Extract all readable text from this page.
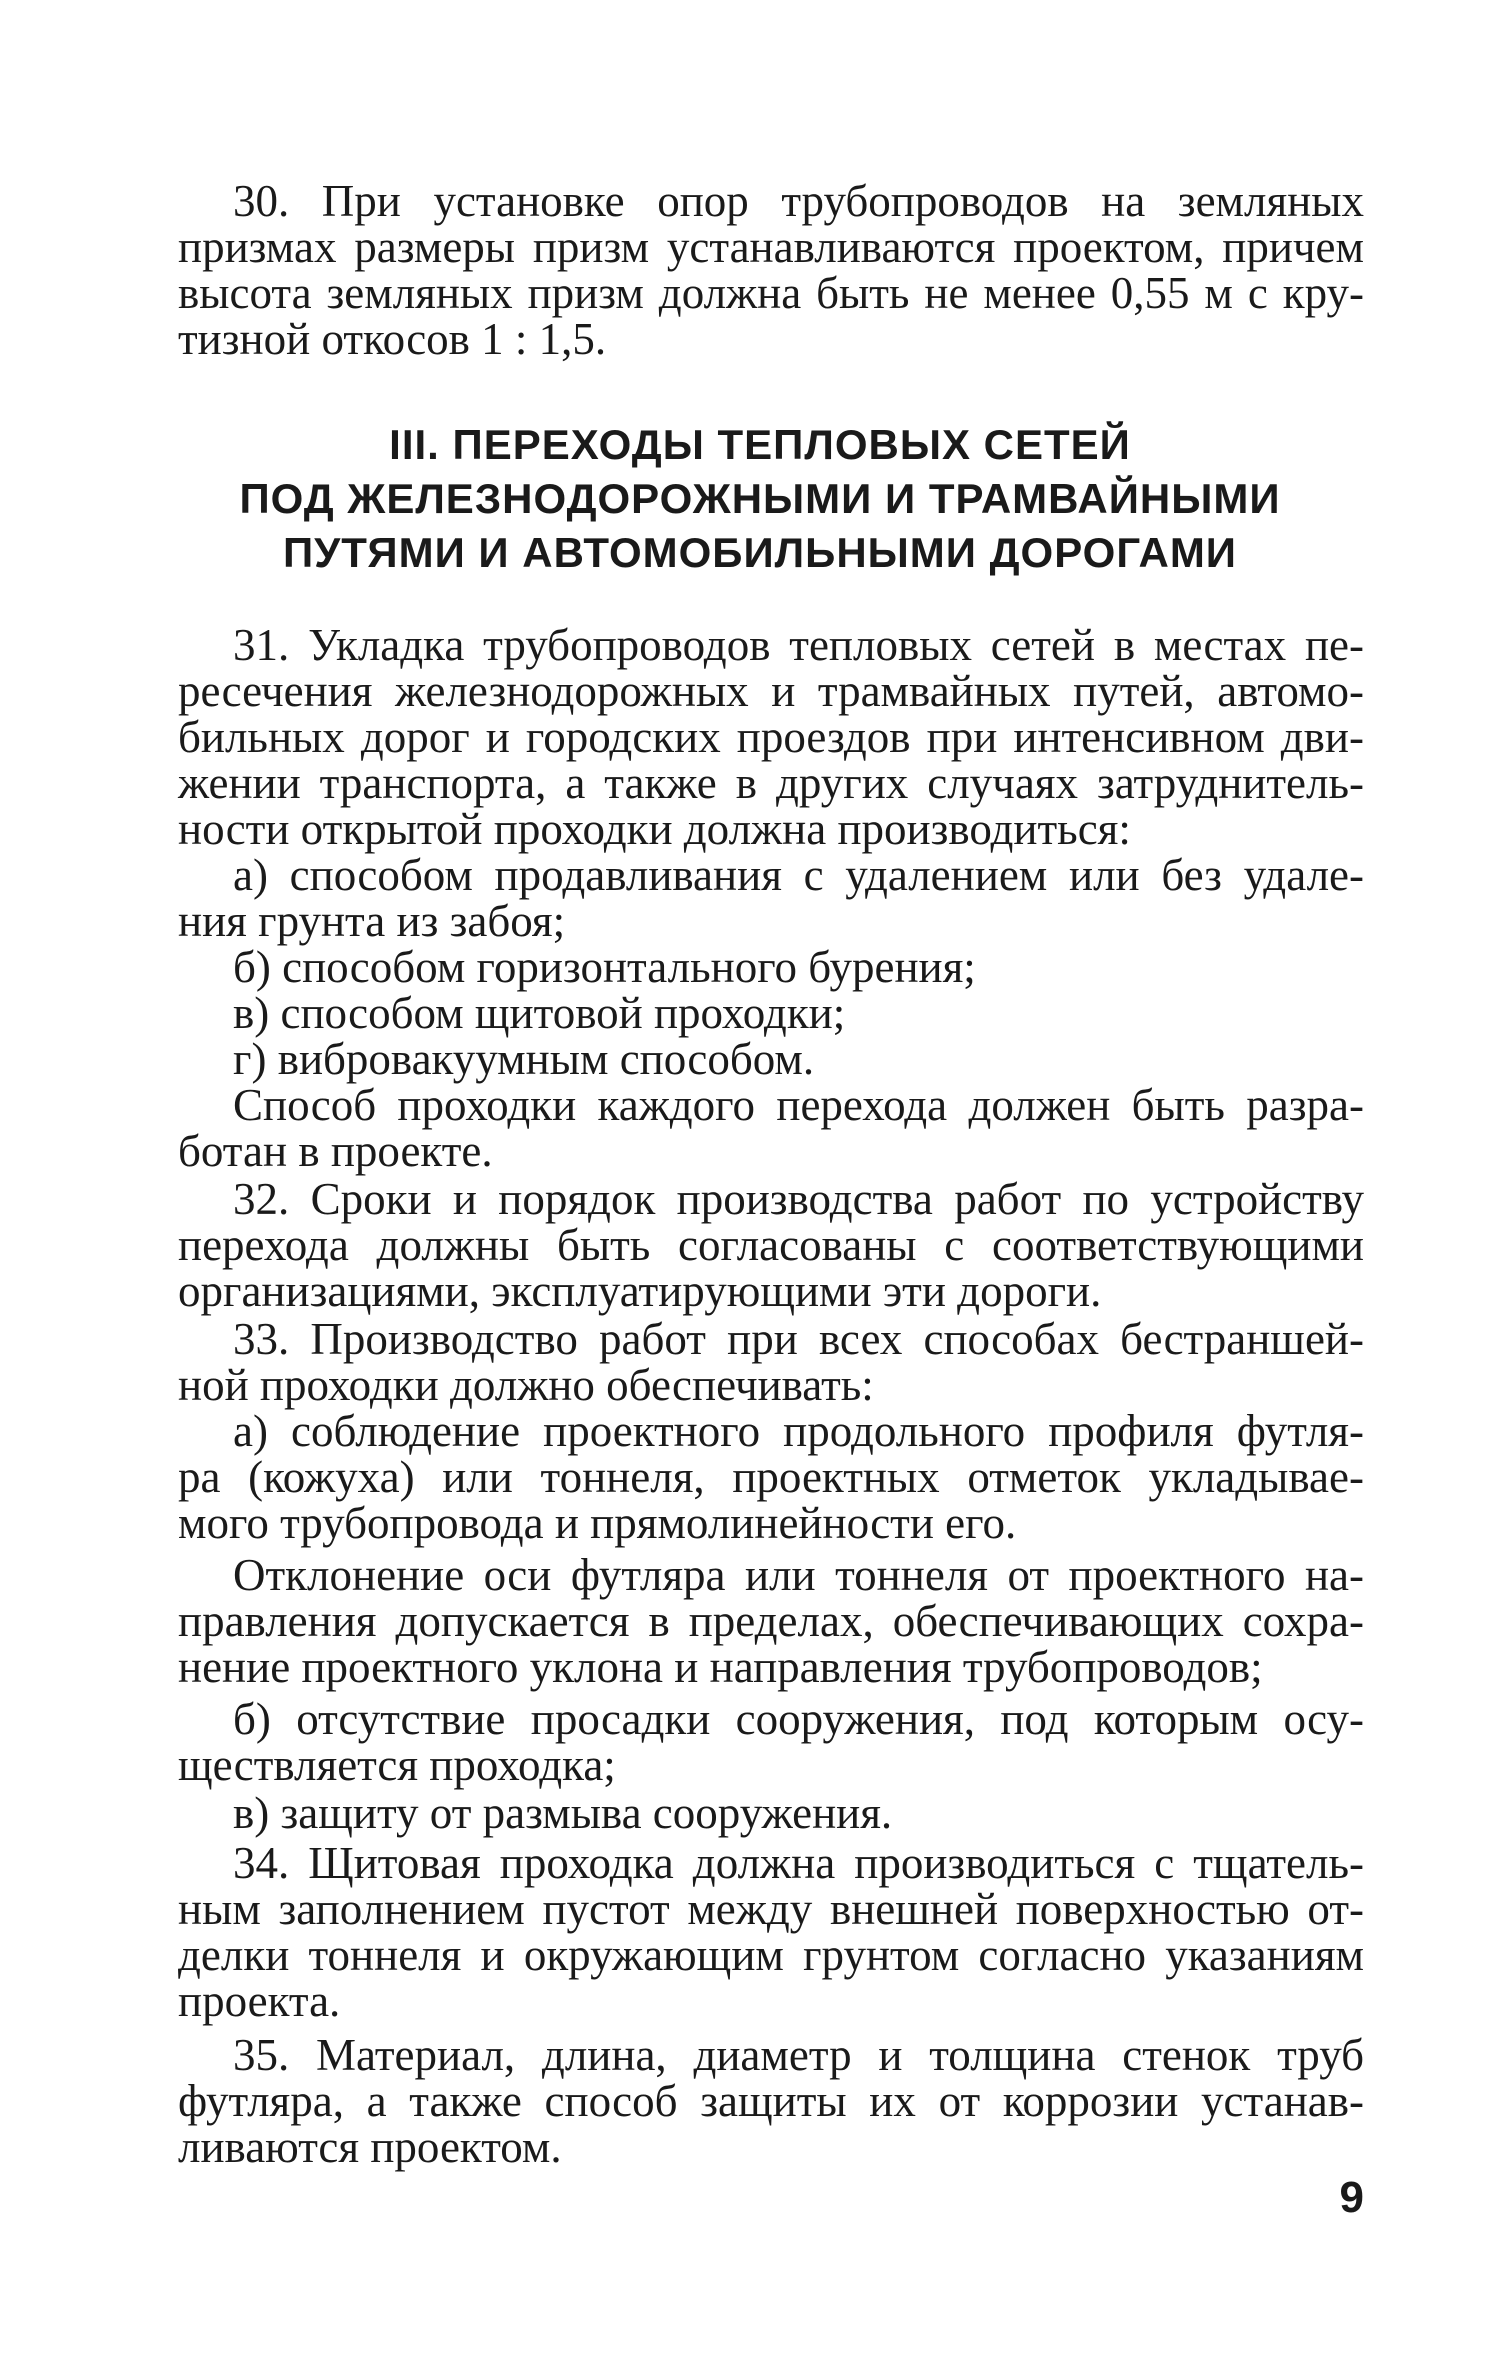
30. При установке опор трубопроводов на земляных
призмах размеры призм устанавливаются проектом, причем
высота земляных призм должна быть не менее 0,55 м с кру-
тизной откосов 1 : 1,5.
III. ПЕРЕХОДЫ ТЕПЛОВЫХ СЕТЕЙ
ПОД ЖЕЛЕЗНОДОРОЖНЫМИ И ТРАМВАЙНЫМИ
ПУТЯМИ И АВТОМОБИЛЬНЫМИ ДОРОГАМИ
31. Укладка трубопроводов тепловых сетей в местах пе-
ресечения железнодорожных и трамвайных путей, автомо-
бильных дорог и городских проездов при интенсивном дви-
жении транспорта, а также в других случаях затруднитель-
ности открытой проходки должна производиться:
а) способом продавливания с удалением или без удале-
ния грунта из забоя;
б) способом горизонтального бурения;
в) способом щитовой проходки;
г) вибровакуумным способом.
Способ проходки каждого перехода должен быть разра-
ботан в проекте.
32. Сроки и порядок производства работ по устройству
перехода должны быть согласованы с соответствующими
организациями, эксплуатирующими эти дороги.
33. Производство работ при всех способах бестраншей-
ной проходки должно обеспечивать:
а) соблюдение проектного продольного профиля футля-
ра (кожуха) или тоннеля, проектных отметок укладывае-
мого трубопровода и прямолинейности его.
Отклонение оси футляра или тоннеля от проектного на-
правления допускается в пределах, обеспечивающих сохра-
нение проектного уклона и направления трубопроводов;
б) отсутствие просадки сооружения, под которым осу-
ществляется проходка;
в) защиту от размыва сооружения.
34. Щитовая проходка должна производиться с тщатель-
ным заполнением пустот между внешней поверхностью от-
делки тоннеля и окружающим грунтом согласно указаниям
проекта.
35. Материал, длина, диаметр и толщина стенок труб
футляра, а также способ защиты их от коррозии устанав-
ливаются проектом.
9
